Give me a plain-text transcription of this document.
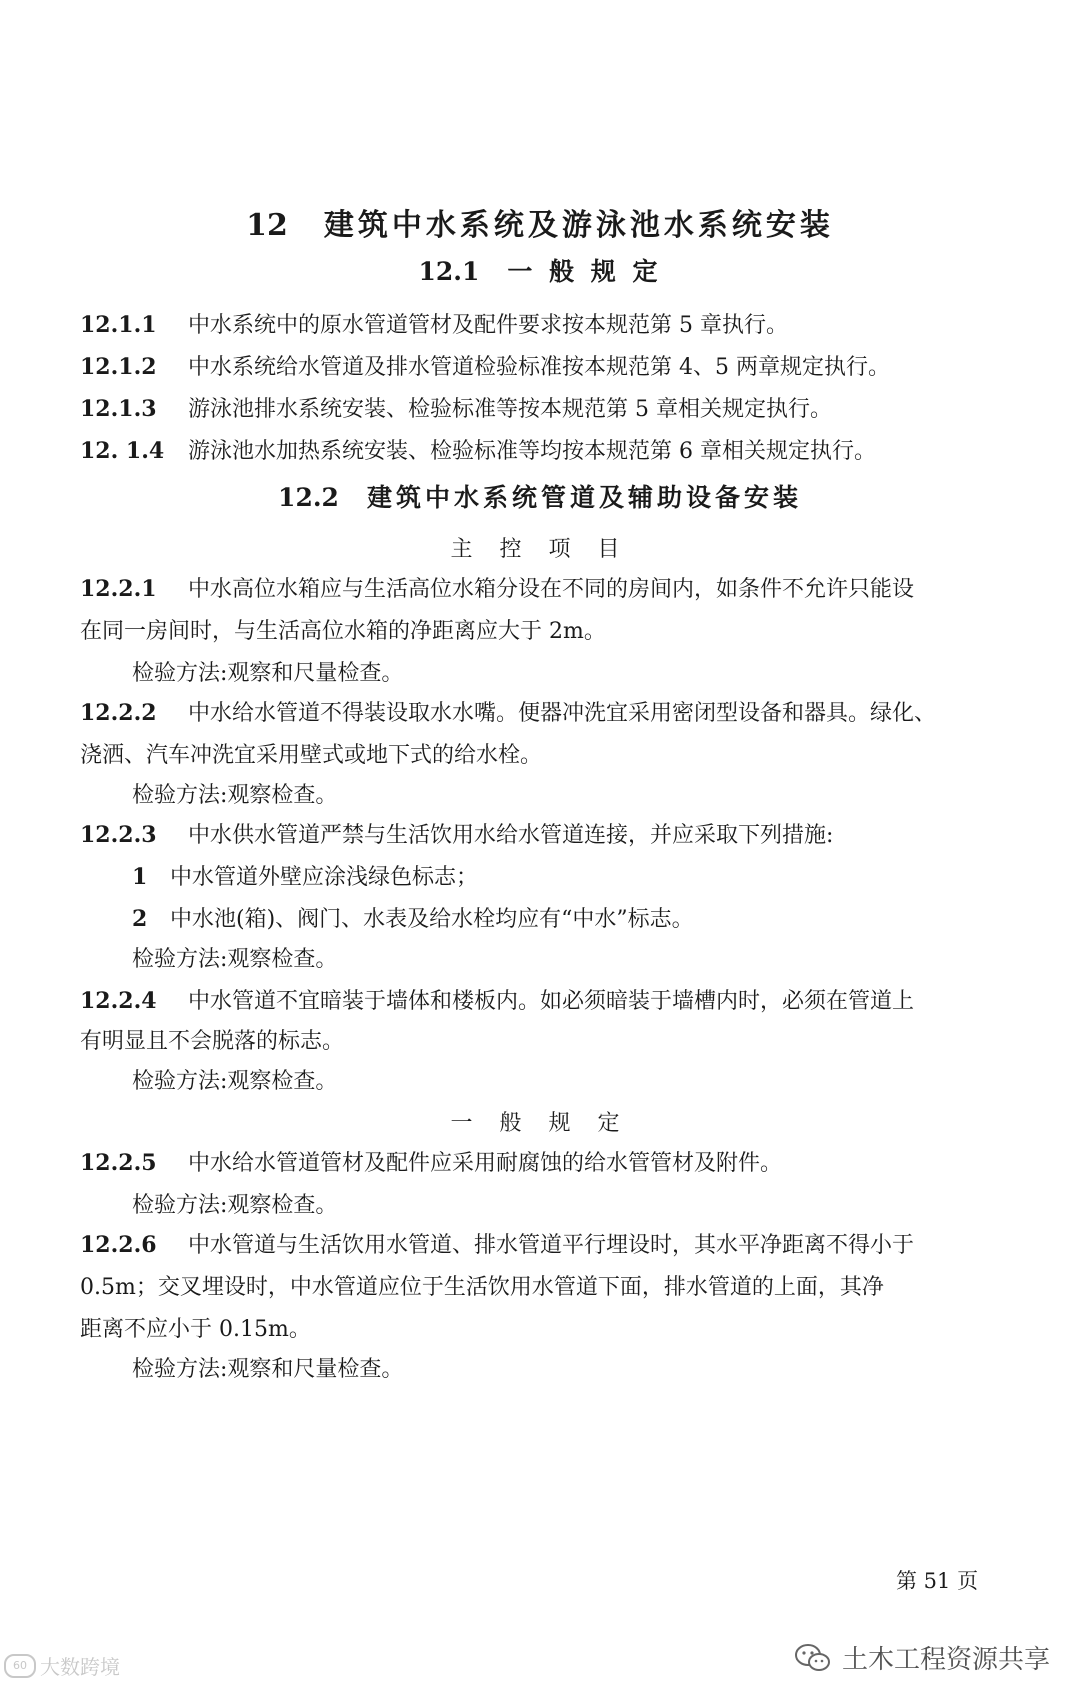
12 建筑中水系统及游泳池水系统安装
12.1 一 般 规 定
12.1.1 中水系统中的原水管道管材及配件要求按本规范第 5 章执行。
12.1.2 中水系统给水管道及排水管道检验标准按本规范第 4、5 两章规定执行。
12.1.3 游泳池排水系统安装、检验标准等按本规范第 5 章相关规定执行。
12. 1.4 游泳池水加热系统安装、检验标准等均按本规范第 6 章相关规定执行。
12.2 建筑中水系统管道及辅助设备安装
主 控 项 目
12.2.1 中水高位水箱应与生活高位水箱分设在不同的房间内，如条件不允许只能设
在同一房间时，与生活高位水箱的净距离应大于 2m。
检验方法:观察和尺量检查。
12.2.2 中水给水管道不得装设取水水嘴。便器冲洗宜采用密闭型设备和器具。绿化、
浇洒、汽车冲洗宜采用壁式或地下式的给水栓。
检验方法:观察检查。
12.2.3 中水供水管道严禁与生活饮用水给水管道连接，并应采取下列措施:
1 中水管道外壁应涂浅绿色标志；
2 中水池(箱)、阀门、水表及给水栓均应有“中水”标志。
检验方法:观察检查。
12.2.4 中水管道不宜暗装于墙体和楼板内。如必须暗装于墙槽内时，必须在管道上
有明显且不会脱落的标志。
检验方法:观察检查。
一 般 规 定
12.2.5 中水给水管道管材及配件应采用耐腐蚀的给水管管材及附件。
检验方法:观察检查。
12.2.6 中水管道与生活饮用水管道、排水管道平行埋设时，其水平净距离不得小于
0.5m；交叉埋设时，中水管道应位于生活饮用水管道下面，排水管道的上面，其净
距离不应小于 0.15m。
检验方法:观察和尺量检查。
第 51 页
60 大数跨境	土木工程资源共享
